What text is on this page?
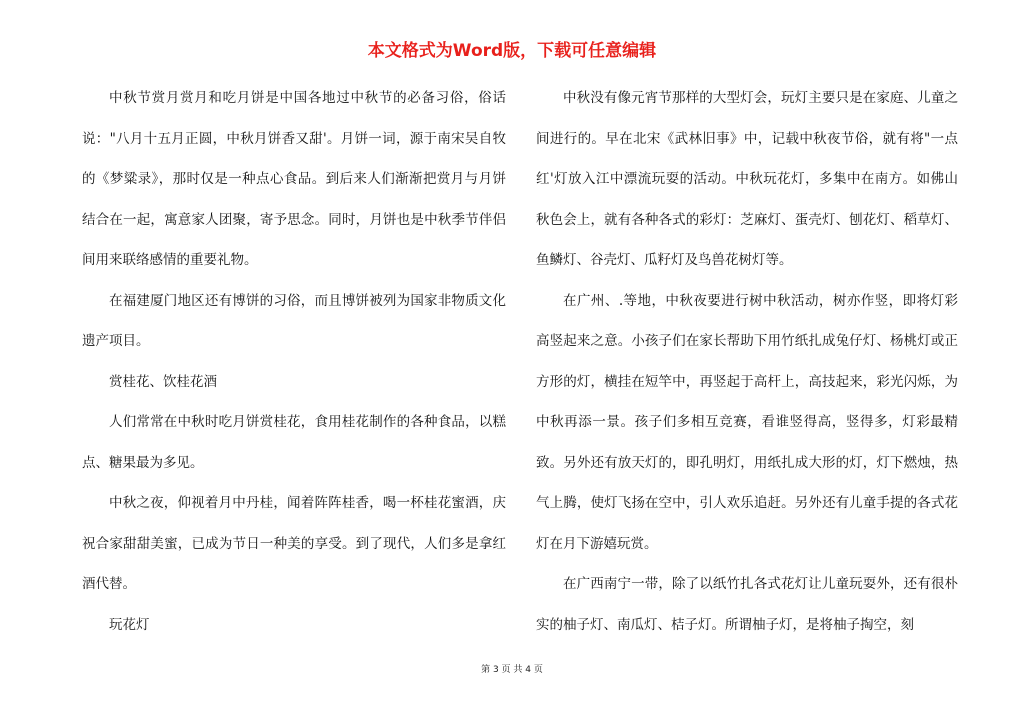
本文格式为Word版，下载可任意编辑

中秋节赏月赏月和吃月饼是中国各地过中秋节的必备习俗，俗话说："八月十五月正圆，中秋月饼香又甜'。月饼一词，源于南宋吴自牧的《梦粱录》，那时仅是一种点心食品。到后来人们渐渐把赏月与月饼结合在一起，寓意家人团聚，寄予思念。同时，月饼也是中秋季节伴侣间用来联络感情的重要礼物。

在福建厦门地区还有博饼的习俗，而且博饼被列为国家非物质文化遗产项目。

赏桂花、饮桂花酒

人们常常在中秋时吃月饼赏桂花，食用桂花制作的各种食品，以糕点、糖果最为多见。

中秋之夜，仰视着月中丹桂，闻着阵阵桂香，喝一杯桂花蜜酒，庆祝合家甜甜美蜜，已成为节日一种美的享受。到了现代，人们多是拿红酒代替。

玩花灯

中秋没有像元宵节那样的大型灯会，玩灯主要只是在家庭、儿童之间进行的。早在北宋《武林旧事》中，记载中秋夜节俗，就有将"一点红'灯放入江中漂流玩耍的活动。中秋玩花灯，多集中在南方。如佛山秋色会上，就有各种各式的彩灯：芝麻灯、蛋壳灯、刨花灯、稻草灯、鱼鳞灯、谷壳灯、瓜籽灯及鸟兽花树灯等。

在广州、.等地，中秋夜要进行树中秋活动，树亦作竖，即将灯彩高竖起来之意。小孩子们在家长帮助下用竹纸扎成兔仔灯、杨桃灯或正方形的灯，横挂在短竿中，再竖起于高杆上，高技起来，彩光闪烁，为中秋再添一景。孩子们多相互竞赛，看谁竖得高，竖得多，灯彩最精致。另外还有放天灯的，即孔明灯，用纸扎成大形的灯，灯下燃烛，热气上腾，使灯飞扬在空中，引人欢乐追赶。另外还有儿童手提的各式花灯在月下游嬉玩赏。

在广西南宁一带，除了以纸竹扎各式花灯让儿童玩耍外，还有很朴实的柚子灯、南瓜灯、桔子灯。所谓柚子灯，是将柚子掏空，刻

第 3 页 共 4 页
